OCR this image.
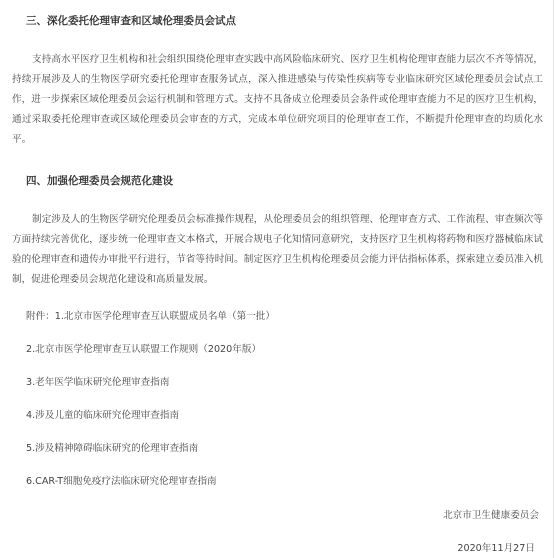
三、深化委托伦理审查和区域伦理委员会试点

支持高水平医疗卫生机构和社会组织围绕伦理审查实践中高风险临床研究、医疗卫生机构伦理审查能力层次不齐等情况，持续开展涉及人的生物医学研究委托伦理审查服务试点，深入推进感染与传染性疾病等专业临床研究区域伦理委员会试点工作，进一步探索区域伦理委员会运行机制和管理方式。支持不具备成立伦理委员会条件或伦理审查能力不足的医疗卫生机构，通过采取委托伦理审查或区域伦理委员会审查的方式，完成本单位研究项目的伦理审查工作，不断提升伦理审查的均质化水平。

四、加强伦理委员会规范化建设

制定涉及人的生物医学研究伦理委员会标准操作规程，从伦理委员会的组织管理、伦理审查方式、工作流程、审查频次等方面持续完善优化，逐步统一伦理审查文本格式，开展合规电子化知情同意研究，支持医疗卫生机构将药物和医疗器械临床试验的伦理审查和遗传办审批平行进行，节省等待时间。制定医疗卫生机构伦理委员会能力评估指标体系，探索建立委员准入机制，促进伦理委员会规范化建设和高质量发展。

附件：1.北京市医学伦理审查互认联盟成员名单（第一批）

2.北京市医学伦理审查互认联盟工作规则（2020年版）

3.老年医学临床研究伦理审查指南

4.涉及儿童的临床研究伦理审查指南

5.涉及精神障碍临床研究的伦理审查指南

6.CAR-T细胞免疫疗法临床研究伦理审查指南

北京市卫生健康委员会

2020年11月27日
